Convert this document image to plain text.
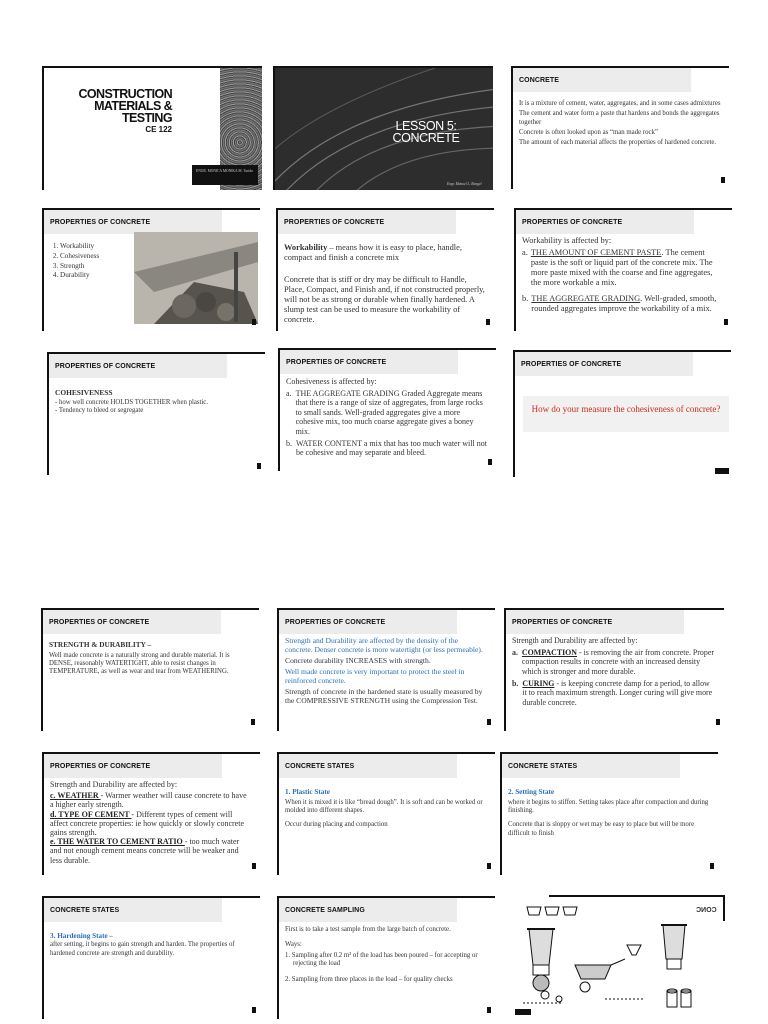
CONSTRUCTION
MATERIALS &
TESTING
CE 122
ENGR. MONICA MONIKA M. Turido
LESSON 5:
CONCRETE
Engr. Manuel L. Rangel
CONCRETE

It is a mixture of cement, water, aggregates, and in some cases admixtures

The cement and water form a paste that hardens and bonds the aggregates together

Concrete is often looked upon as “man made rock”

The amount of each material affects the properties of hardened concrete.

PROPERTIES OF CONCRETE
1. Workability
2. Cohesiveness
3. Strength
4. Durability
PROPERTIES OF CONCRETE

Workability – means how it is easy to place, handle, compact and finish a concrete mix

Concrete that is stiff or dry may be difficult to Handle, Place, Compact, and Finish and, if not constructed properly, will not be as strong or durable when finally hardened. A slump test can be used to measure the workability of concrete.

PROPERTIES OF CONCRETE

Workability is affected by:

a. THE AMOUNT OF CEMENT PASTE. The cement paste is the soft or liquid part of the concrete mix. The more paste mixed with the coarse and fine aggregates, the more workable a mix.
b. THE AGGREGATE GRADING. Well-graded, smooth, rounded aggregates improve the workability of a mix.
PROPERTIES OF CONCRETE

COHESIVENESS

- how well concrete HOLDS TOGETHER when plastic.

- Tendency to bleed or segregate

PROPERTIES OF CONCRETE

Cohesiveness is affected by:

a. THE AGGREGATE GRADING Graded Aggregate means that there is a range of size of aggregates, from large rocks to small sands. Well-graded aggregates give a more cohesive mix, too much coarse aggregate gives a boney mix.
b. WATER CONTENT a mix that has too much water will not be cohesive and may separate and bleed.
PROPERTIES OF CONCRETE
How do your measure the cohesiveness of concrete?
PROPERTIES OF CONCRETE

STRENGTH & DURABILITY –

Well made concrete is a naturally strong and durable material. It is DENSE, reasonably WATERTIGHT, able to resist changes in TEMPERATURE, as well as wear and tear from WEATHERING.

PROPERTIES OF CONCRETE

Strength and Durability are affected by the density of the concrete. Denser concrete is more watertight (or less permeable).

Concrete durability INCREASES with strength.

Well made concrete is very important to protect the steel in reinforced concrete.

Strength of concrete in the hardened state is usually measured by the COMPRESSIVE STRENGTH using the Compression Test.

PROPERTIES OF CONCRETE

Strength and Durability are affected by:

a. COMPACTION - is removing the air from concrete. Proper compaction results in concrete with an increased density which is stronger and more durable.
b. CURING - is keeping concrete damp for a period, to allow it to reach maximum strength. Longer curing will give more durable concrete.
PROPERTIES OF CONCRETE

Strength and Durability are affected by:

c. WEATHER - Warmer weather will cause concrete to have a higher early strength.

d. TYPE OF CEMENT - Different types of cement will affect concrete properties: ie how quickly or slowly concrete gains strength.

e. THE WATER TO CEMENT RATIO - too much water and not enough cement means concrete will be weaker and less durable.

CONCRETE STATES

1. Plastic State

When it is mixed it is like “bread dough”. It is soft and can be worked or molded into different shapes.

Occur during placing and compaction

CONCRETE STATES

2. Setting State

where it begins to stiffen. Setting takes place after compaction and during finishing.

Concrete that is sloppy or wet may be easy to place but will be more difficult to finish

CONCRETE STATES

3. Hardening State –

after setting, it begins to gain strength and harden. The properties of hardened concrete are strength and durability.

CONCRETE SAMPLING

First is to take a test sample from the large batch of concrete.

Ways:

1. Sampling after 0.2 m³ of the load has been poured – for accepting or rejecting the load

2. Sampling from three places in the load – for quality checks

CONC
